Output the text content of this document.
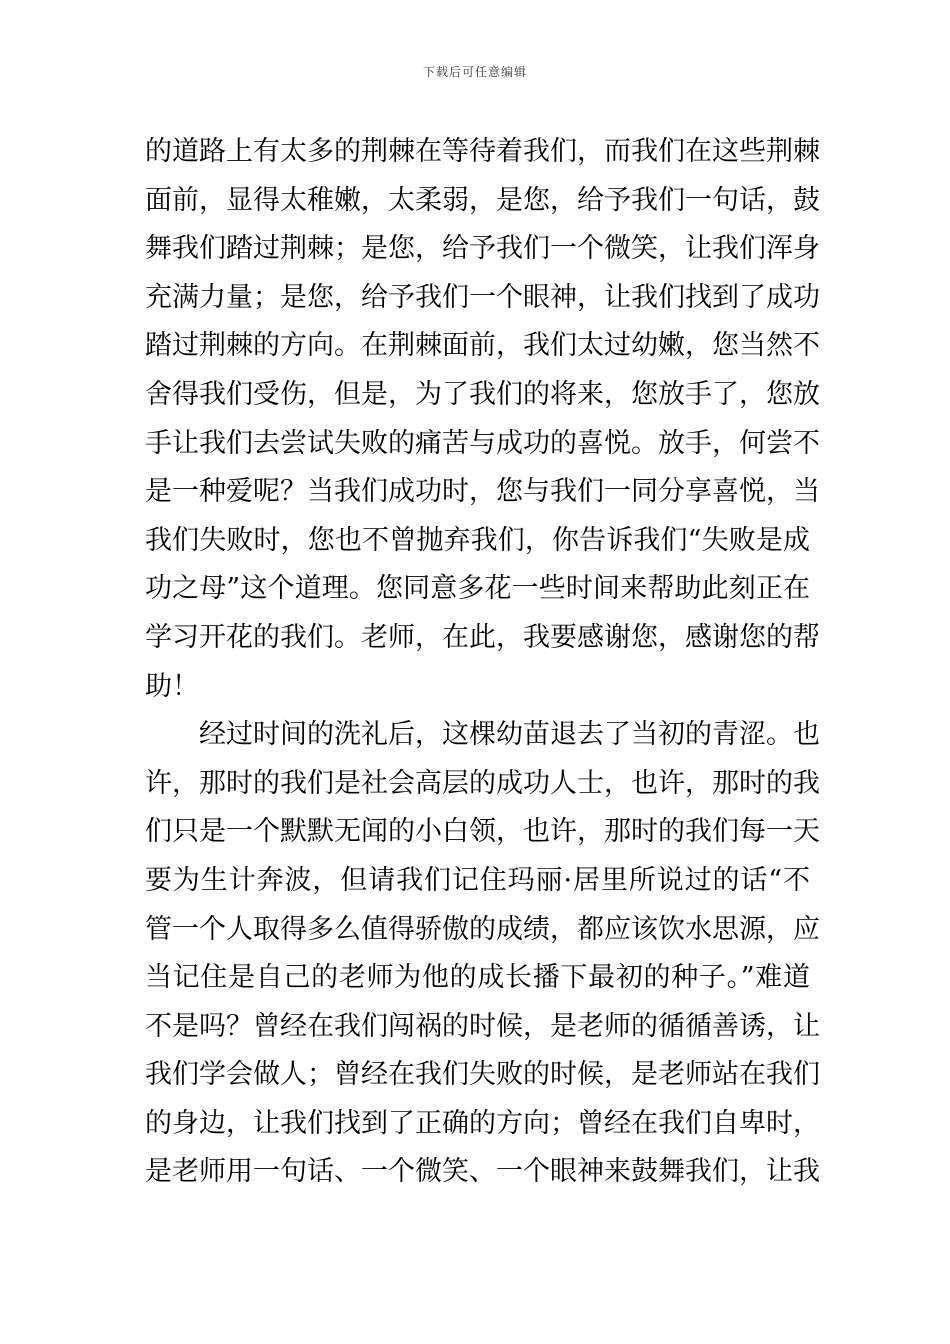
下载后可任意编辑
的道路上有太多的荆棘在等待着我们，而我们在这些荆棘
面前，显得太稚嫩，太柔弱，是您，给予我们一句话，鼓
舞我们踏过荆棘；是您，给予我们一个微笑，让我们浑身
充满力量；是您，给予我们一个眼神，让我们找到了成功
踏过荆棘的方向。在荆棘面前，我们太过幼嫩，您当然不
舍得我们受伤，但是，为了我们的将来，您放手了，您放
手让我们去尝试失败的痛苦与成功的喜悦。放手，何尝不
是一种爱呢？当我们成功时，您与我们一同分享喜悦，当
我们失败时，您也不曾抛弃我们，你告诉我们“失败是成
功之母”这个道理。您同意多花一些时间来帮助此刻正在
学习开花的我们。老师，在此，我要感谢您，感谢您的帮
助！
经过时间的洗礼后，这棵幼苗退去了当初的青涩。也
许，那时的我们是社会高层的成功人士，也许，那时的我
们只是一个默默无闻的小白领，也许，那时的我们每一天
要为生计奔波，但请我们记住玛丽·居里所说过的话“不
管一个人取得多么值得骄傲的成绩，都应该饮水思源，应
当记住是自己的老师为他的成长播下最初的种子。”难道
不是吗？曾经在我们闯祸的时候，是老师的循循善诱，让
我们学会做人；曾经在我们失败的时候，是老师站在我们
的身边，让我们找到了正确的方向；曾经在我们自卑时，
是老师用一句话、一个微笑、一个眼神来鼓舞我们，让我
